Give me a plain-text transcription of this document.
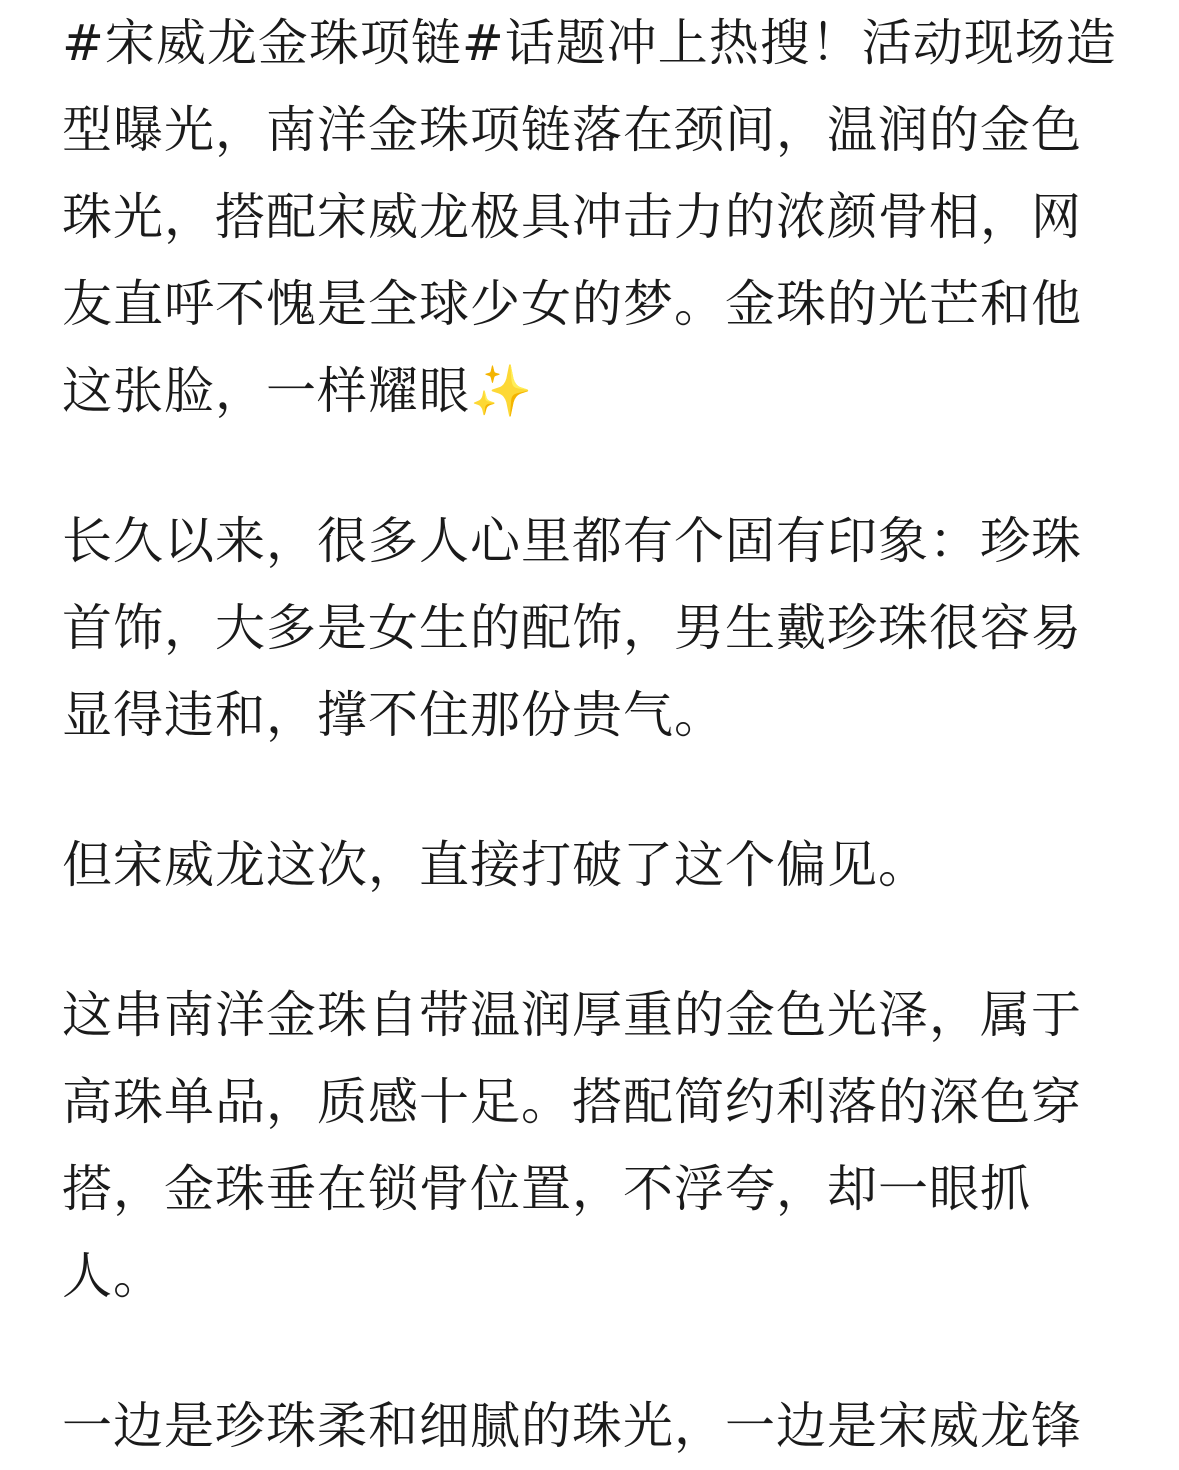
#宋威龙金珠项链#话题冲上热搜！活动现场造
型曝光，南洋金珠项链落在颈间，温润的金色
珠光，搭配宋威龙极具冲击力的浓颜骨相，网
友直呼不愧是全球少女的梦。金珠的光芒和他
这张脸，一样耀眼✨
长久以来，很多人心里都有个固有印象：珍珠
首饰，大多是女生的配饰，男生戴珍珠很容易
显得违和，撑不住那份贵气。
但宋威龙这次，直接打破了这个偏见。
这串南洋金珠自带温润厚重的金色光泽，属于
高珠单品，质感十足。搭配简约利落的深色穿
搭，金珠垂在锁骨位置，不浮夸，却一眼抓
人。
一边是珍珠柔和细腻的珠光，一边是宋威龙锋
